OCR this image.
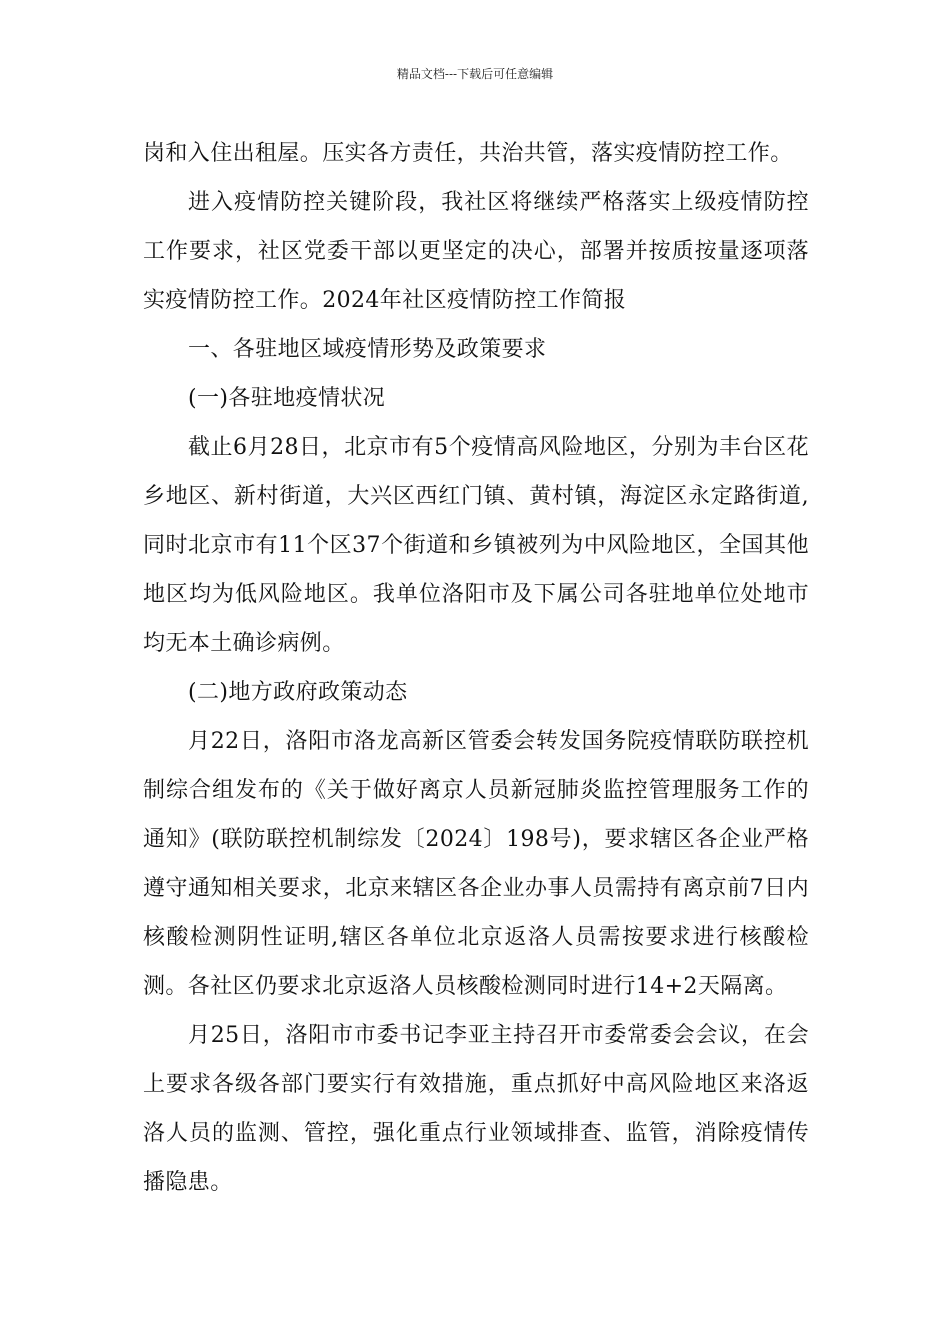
精品文档---下载后可任意编辑

岗和入住出租屋。压实各方责任，共治共管，落实疫情防控工作。

进入疫情防控关键阶段，我社区将继续严格落实上级疫情防控工作要求，社区党委干部以更坚定的决心，部署并按质按量逐项落实疫情防控工作。2024年社区疫情防控工作简报

一、各驻地区域疫情形势及政策要求

(一)各驻地疫情状况

截止6月28日，北京市有5个疫情高风险地区，分别为丰台区花乡地区、新村街道，大兴区西红门镇、黄村镇，海淀区永定路街道,同时北京市有11个区37个街道和乡镇被列为中风险地区，全国其他地区均为低风险地区。我单位洛阳市及下属公司各驻地单位处地市均无本土确诊病例。

(二)地方政府政策动态

月22日，洛阳市洛龙高新区管委会转发国务院疫情联防联控机制综合组发布的《关于做好离京人员新冠肺炎监控管理服务工作的通知》(联防联控机制综发〔2024〕198号)，要求辖区各企业严格遵守通知相关要求，北京来辖区各企业办事人员需持有离京前7日内核酸检测阴性证明,辖区各单位北京返洛人员需按要求进行核酸检测。各社区仍要求北京返洛人员核酸检测同时进行14+2天隔离。

月25日，洛阳市市委书记李亚主持召开市委常委会会议，在会上要求各级各部门要实行有效措施，重点抓好中高风险地区来洛返洛人员的监测、管控，强化重点行业领域排查、监管，消除疫情传播隐患。
